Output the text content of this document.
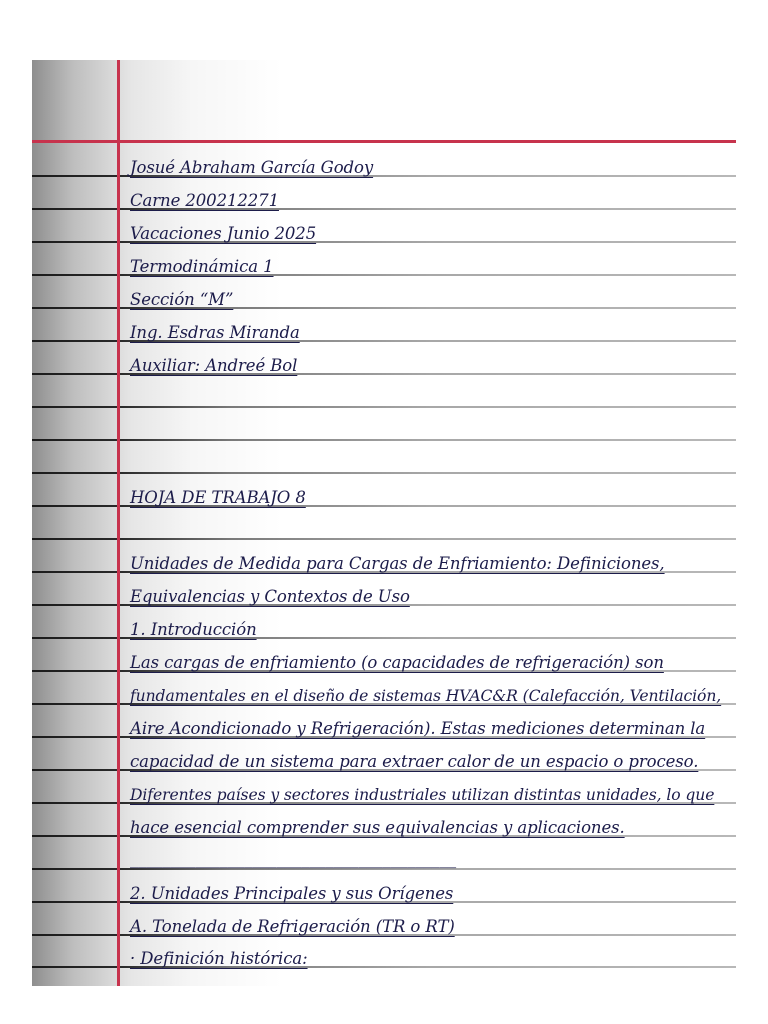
Josué Abraham García Godoy
Carne 200212271
Vacaciones Junio 2025
Termodinámica 1
Sección “M”
Ing. Esdras Miranda
Auxiliar: Andreé Bol
HOJA DE TRABAJO 8
Unidades de Medida para Cargas de Enfriamiento: Definiciones,
Equivalencias y Contextos de Uso
1. Introducción
Las cargas de enfriamiento (o capacidades de refrigeración) son
fundamentales en el diseño de sistemas HVAC&R (Calefacción, Ventilación,
Aire Acondicionado y Refrigeración). Estas mediciones determinan la
capacidad de un sistema para extraer calor de un espacio o proceso.
Diferentes países y sectores industriales utilizan distintas unidades, lo que
hace esencial comprender sus equivalencias y aplicaciones.
________________________________________
2. Unidades Principales y sus Orígenes
A. Tonelada de Refrigeración (TR o RT)
· Definición histórica:
